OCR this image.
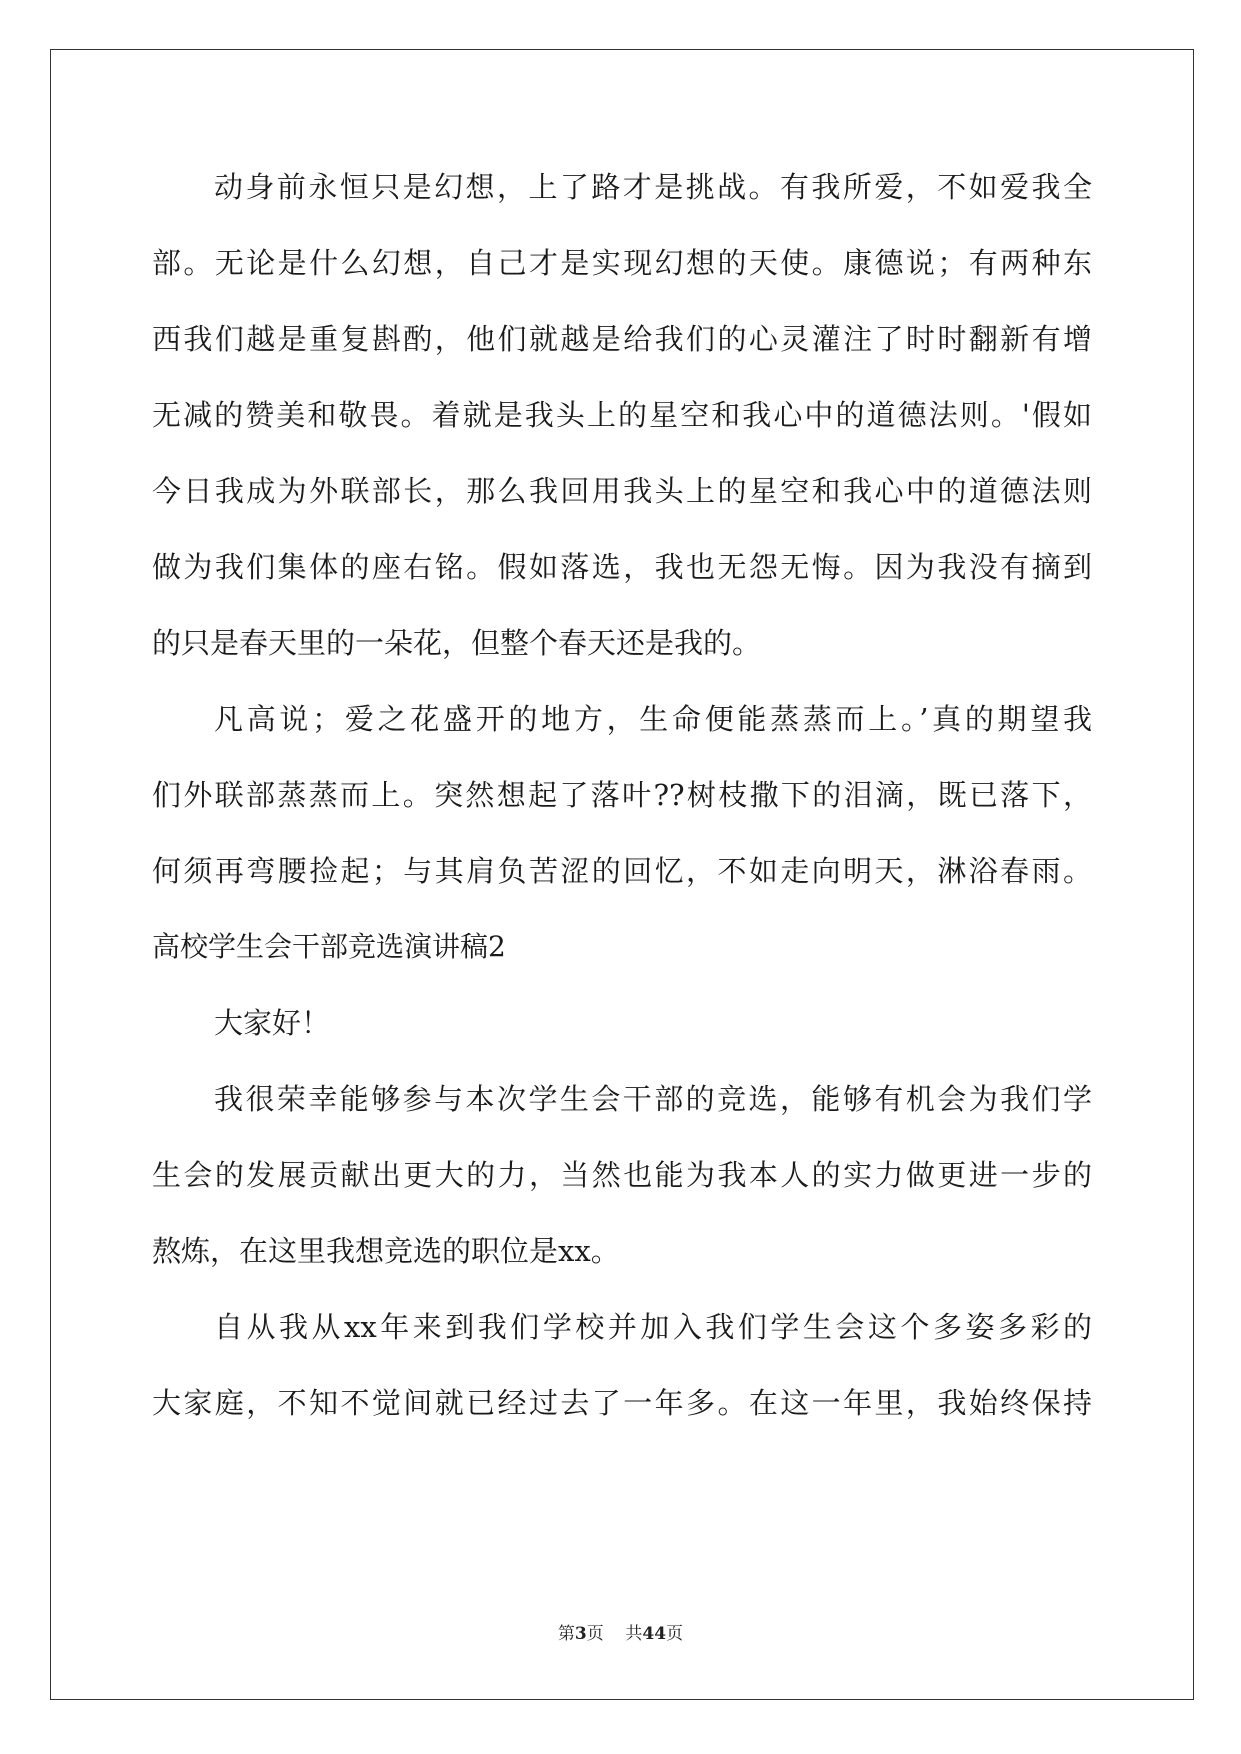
动身前永恒只是幻想，上了路才是挑战。有我所爱，不如爱我全
部。无论是什么幻想，自己才是实现幻想的天使。康德说；有两种东
西我们越是重复斟酌，他们就越是给我们的心灵灌注了时时翻新有增
无减的赞美和敬畏。着就是我头上的星空和我心中的道德法则。'假如
今日我成为外联部长，那么我回用我头上的星空和我心中的道德法则
做为我们集体的座右铭。假如落选，我也无怨无悔。因为我没有摘到
的只是春天里的一朵花，但整个春天还是我的。
凡高说；爱之花盛开的地方，生命便能蒸蒸而上。’真的期望我
们外联部蒸蒸而上。突然想起了落叶??树枝撒下的泪滴，既已落下，
何须再弯腰捡起；与其肩负苦涩的回忆，不如走向明天，淋浴春雨。
高校学生会干部竞选演讲稿2
大家好！
我很荣幸能够参与本次学生会干部的竞选，能够有机会为我们学
生会的发展贡献出更大的力，当然也能为我本人的实力做更进一步的
熬炼，在这里我想竞选的职位是xx。
自从我从xx年来到我们学校并加入我们学生会这个多姿多彩的
大家庭，不知不觉间就已经过去了一年多。在这一年里，我始终保持
第3页 共44页
